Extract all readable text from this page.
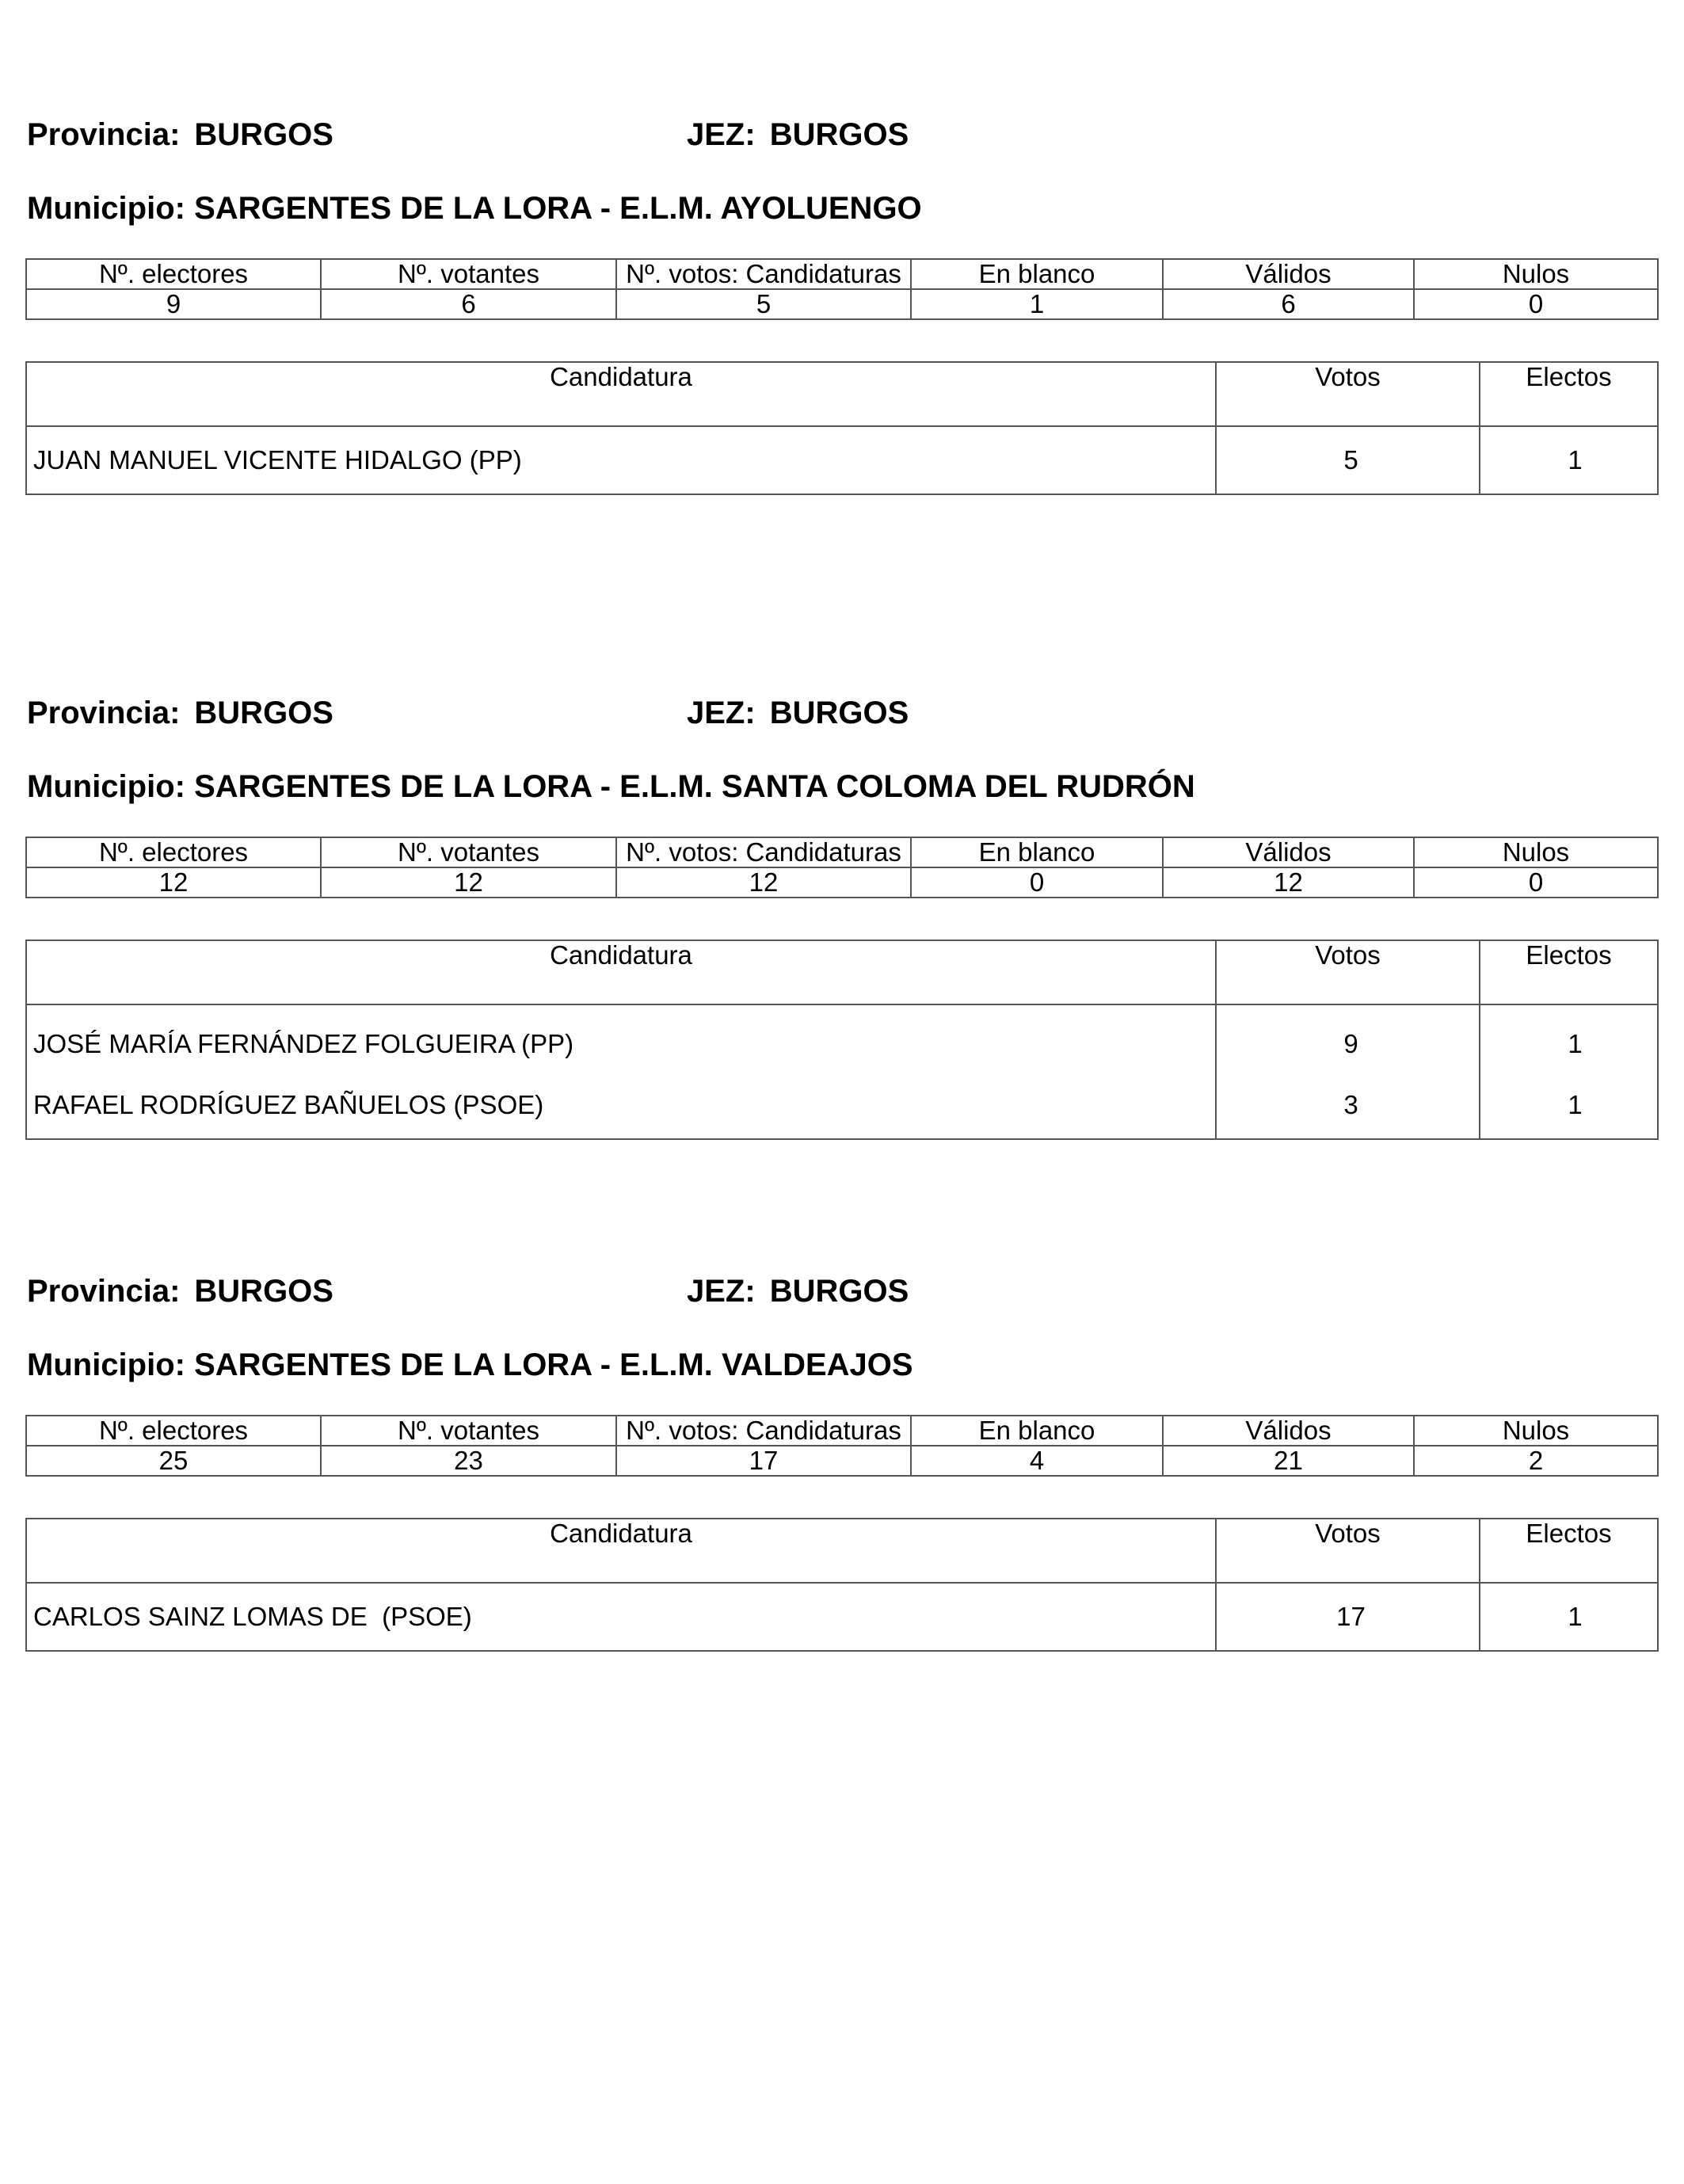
Provincia: BURGOS	JEZ: BURGOS
Municipio: SARGENTES DE LA LORA - E.L.M. AYOLUENGO
Nº. electores	Nº. votantes	Nº. votos: Candidaturas	En blanco	Válidos	Nulos
9	6	5	1	6	0
Candidatura	Votos	Electos
JUAN MANUEL VICENTE HIDALGO (PP)	5	1
Provincia: BURGOS	JEZ: BURGOS
Municipio: SARGENTES DE LA LORA - E.L.M. SANTA COLOMA DEL RUDRÓN
Nº. electores	Nº. votantes	Nº. votos: Candidaturas	En blanco	Válidos	Nulos
12	12	12	0	12	0
Candidatura	Votos	Electos
JOSÉ MARÍA FERNÁNDEZ FOLGUEIRA (PP)	9	1
RAFAEL RODRÍGUEZ BAÑUELOS (PSOE)	3	1
Provincia: BURGOS	JEZ: BURGOS
Municipio: SARGENTES DE LA LORA - E.L.M. VALDEAJOS
Nº. electores	Nº. votantes	Nº. votos: Candidaturas	En blanco	Válidos	Nulos
25	23	17	4	21	2
Candidatura	Votos	Electos
CARLOS SAINZ LOMAS DE  (PSOE)	17	1
